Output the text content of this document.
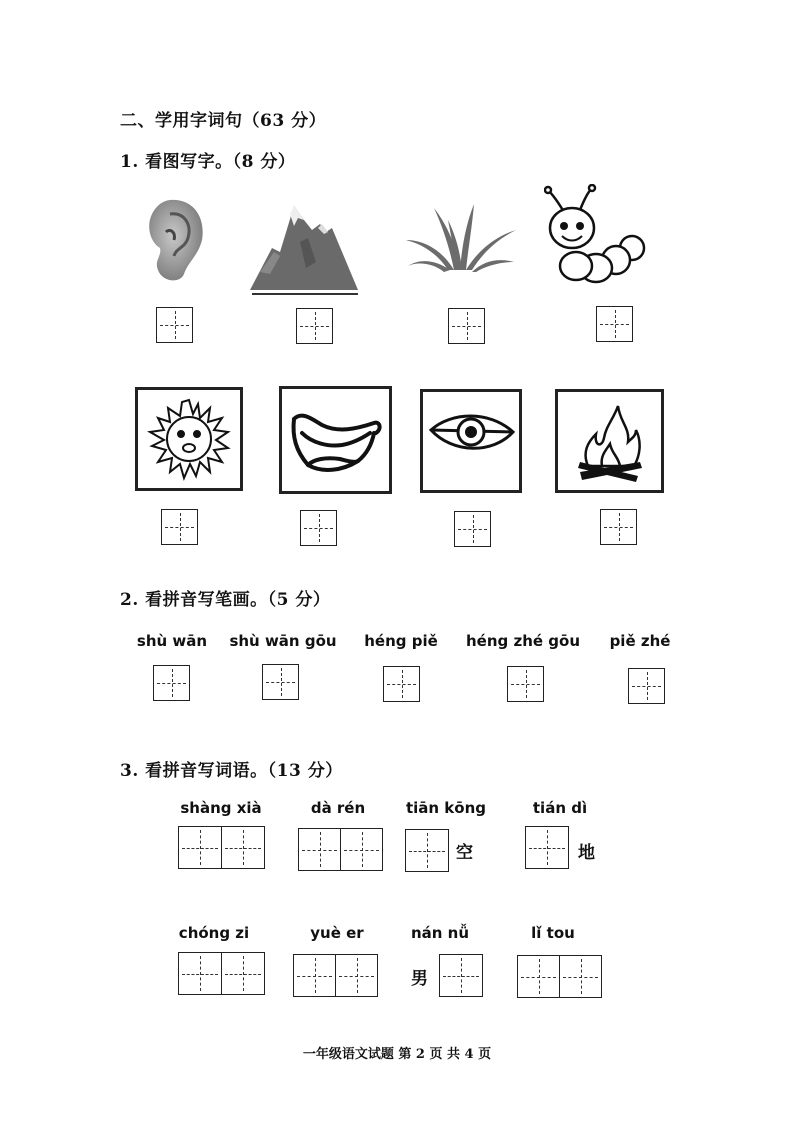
二、学用字词句（63 分）
1. 看图写字。（8 分）
2. 看拼音写笔画。（5 分）
shù wān	shù wān gōu	héng piě	héng zhé gōu	piě zhé
3. 看拼音写词语。（13 分）
shàng xià	dà rén	tiān kōng	tián dì
空	地
chóng zi	yuè er	nán nǚ	lǐ tou
男
一年级语文试题 第 2 页 共 4 页
